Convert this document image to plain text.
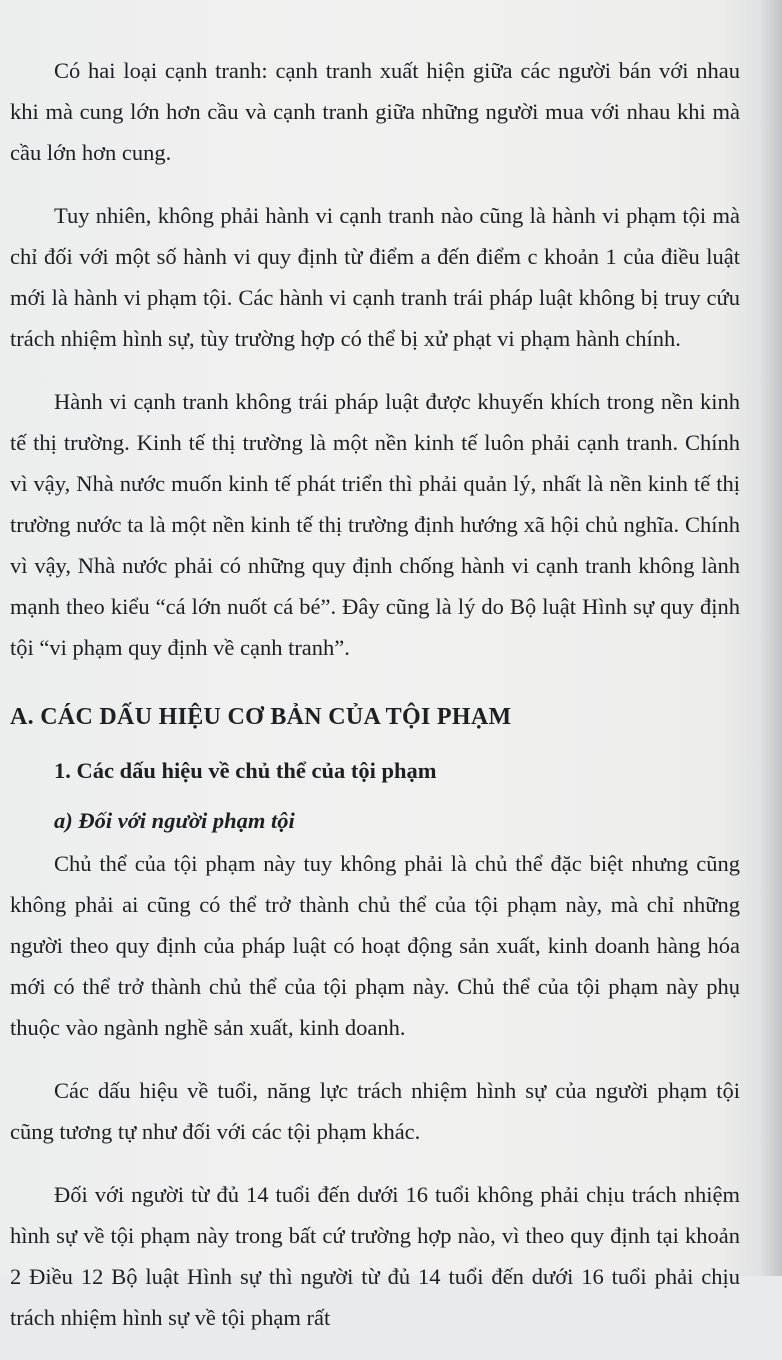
Có hai loại cạnh tranh: cạnh tranh xuất hiện giữa các người bán với nhau khi mà cung lớn hơn cầu và cạnh tranh giữa những người mua với nhau khi mà cầu lớn hơn cung.

Tuy nhiên, không phải hành vi cạnh tranh nào cũng là hành vi phạm tội mà chỉ đối với một số hành vi quy định từ điểm a đến điểm c khoản 1 của điều luật mới là hành vi phạm tội. Các hành vi cạnh tranh trái pháp luật không bị truy cứu trách nhiệm hình sự, tùy trường hợp có thể bị xử phạt vi phạm hành chính.

Hành vi cạnh tranh không trái pháp luật được khuyến khích trong nền kinh tế thị trường. Kinh tế thị trường là một nền kinh tế luôn phải cạnh tranh. Chính vì vậy, Nhà nước muốn kinh tế phát triển thì phải quản lý, nhất là nền kinh tế thị trường nước ta là một nền kinh tế thị trường định hướng xã hội chủ nghĩa. Chính vì vậy, Nhà nước phải có những quy định chống hành vi cạnh tranh không lành mạnh theo kiểu “cá lớn nuốt cá bé”. Đây cũng là lý do Bộ luật Hình sự quy định tội “vi phạm quy định về cạnh tranh”.

A. CÁC DẤU HIỆU CƠ BẢN CỦA TỘI PHẠM
1. Các dấu hiệu về chủ thể của tội phạm
a) Đối với người phạm tội

Chủ thể của tội phạm này tuy không phải là chủ thể đặc biệt nhưng cũng không phải ai cũng có thể trở thành chủ thể của tội phạm này, mà chỉ những người theo quy định của pháp luật có hoạt động sản xuất, kinh doanh hàng hóa mới có thể trở thành chủ thể của tội phạm này. Chủ thể của tội phạm này phụ thuộc vào ngành nghề sản xuất, kinh doanh.

Các dấu hiệu về tuổi, năng lực trách nhiệm hình sự của người phạm tội cũng tương tự như đối với các tội phạm khác.

Đối với người từ đủ 14 tuổi đến dưới 16 tuổi không phải chịu trách nhiệm hình sự về tội phạm này trong bất cứ trường hợp nào, vì theo quy định tại khoản 2 Điều 12 Bộ luật Hình sự thì người từ đủ 14 tuổi đến dưới 16 tuổi phải chịu trách nhiệm hình sự về tội phạm rất
